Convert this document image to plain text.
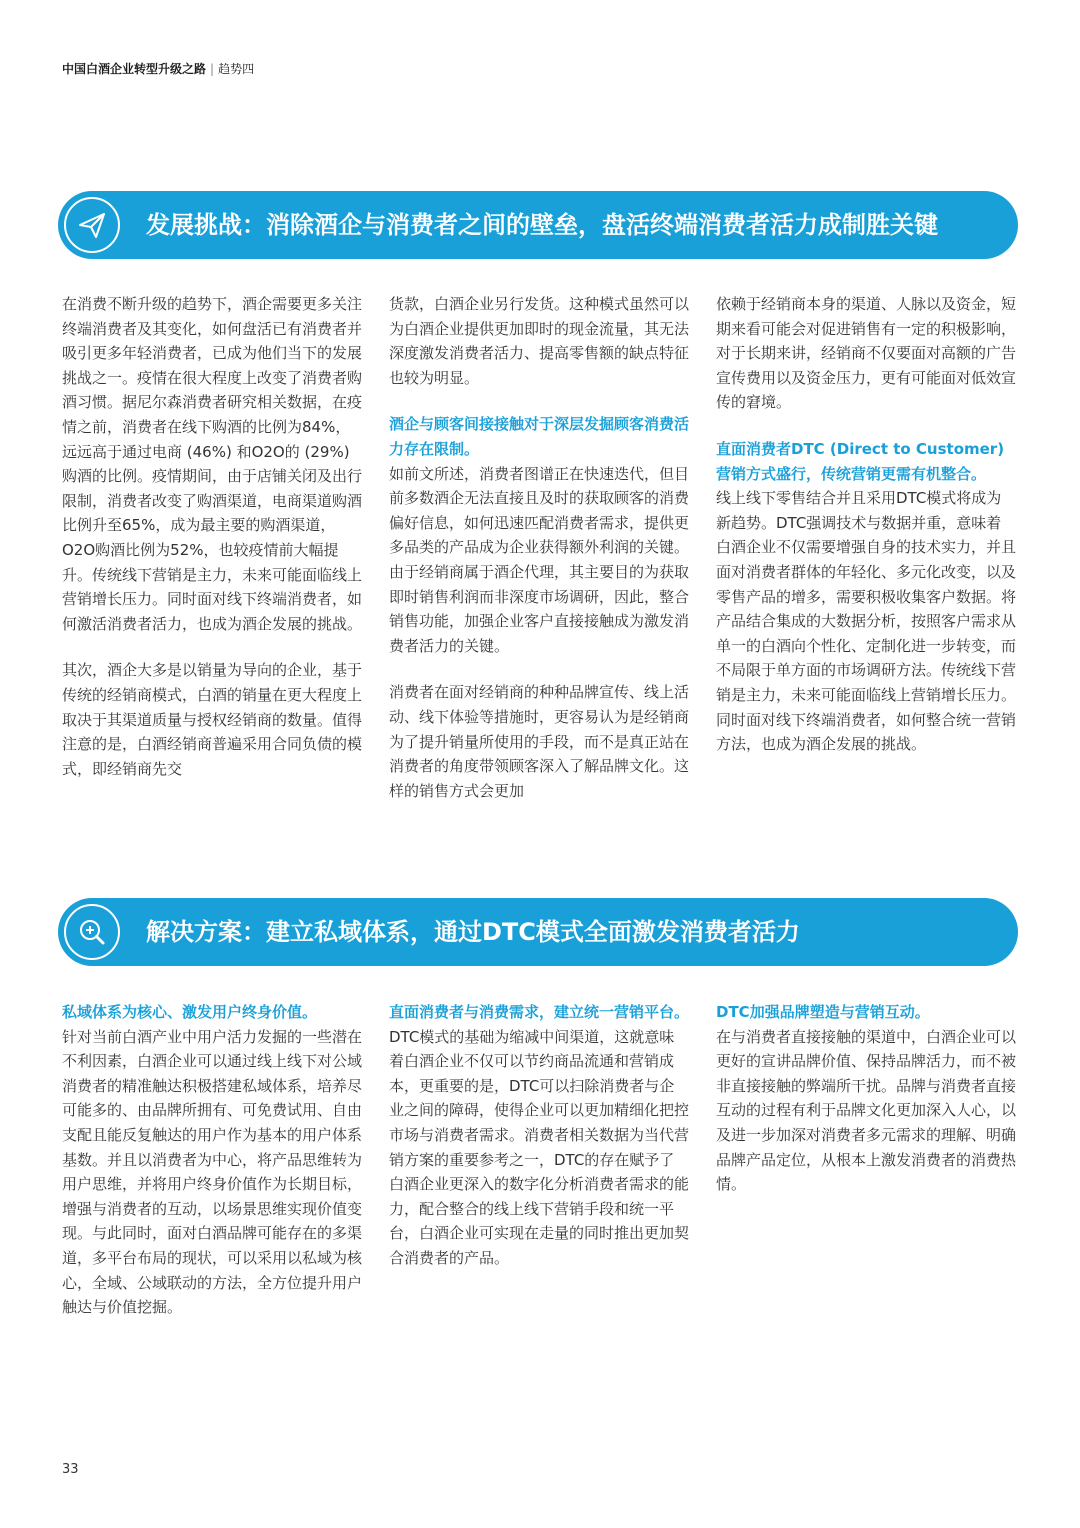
中国白酒企业转型升级之路 | 趋势四
发展挑战：消除酒企与消费者之间的壁垒，盘活终端消费者活力成制胜关键

在消费不断升级的趋势下，酒企需要更多关注终端消费者及其变化，如何盘活已有消费者并吸引更多年轻消费者，已成为他们当下的发展挑战之一。疫情在很大程度上改变了消费者购酒习惯。据尼尔森消费者研究相关数据，在疫情之前，消费者在线下购酒的比例为84%，远远高于通过电商 (46%) 和O2O的 (29%) 购酒的比例。疫情期间，由于店铺关闭及出行限制，消费者改变了购酒渠道，电商渠道购酒比例升至65%，成为最主要的购酒渠道，O2O购酒比例为52%，也较疫情前大幅提升。传统线下营销是主力，未来可能面临线上营销增长压力。同时面对线下终端消费者，如何激活消费者活力，也成为酒企发展的挑战。

其次，酒企大多是以销量为导向的企业，基于传统的经销商模式，白酒的销量在更大程度上取决于其渠道质量与授权经销商的数量。值得注意的是，白酒经销商普遍采用合同负债的模式，即经销商先交

货款，白酒企业另行发货。这种模式虽然可以为白酒企业提供更加即时的现金流量，其无法深度激发消费者活力、提高零售额的缺点特征也较为明显。

酒企与顾客间接接触对于深层发掘顾客消费活力存在限制。

如前文所述，消费者图谱正在快速迭代，但目前多数酒企无法直接且及时的获取顾客的消费偏好信息，如何迅速匹配消费者需求，提供更多品类的产品成为企业获得额外利润的关键。由于经销商属于酒企代理，其主要目的为获取即时销售利润而非深度市场调研，因此，整合销售功能，加强企业客户直接接触成为激发消费者活力的关键。

消费者在面对经销商的种种品牌宣传、线上活动、线下体验等措施时，更容易认为是经销商为了提升销量所使用的手段，而不是真正站在消费者的角度带领顾客深入了解品牌文化。这样的销售方式会更加

依赖于经销商本身的渠道、人脉以及资金，短期来看可能会对促进销售有一定的积极影响，对于长期来讲，经销商不仅要面对高额的广告宣传费用以及资金压力，更有可能面对低效宣传的窘境。

直面消费者DTC (Direct to Customer) 营销方式盛行，传统营销更需有机整合。

线上线下零售结合并且采用DTC模式将成为新趋势。DTC强调技术与数据并重，意味着白酒企业不仅需要增强自身的技术实力，并且面对消费者群体的年轻化、多元化改变，以及零售产品的增多，需要积极收集客户数据。将产品结合集成的大数据分析，按照客户需求从单一的白酒向个性化、定制化进一步转变，而不局限于单方面的市场调研方法。传统线下营销是主力，未来可能面临线上营销增长压力。同时面对线下终端消费者，如何整合统一营销方法，也成为酒企发展的挑战。

解决方案：建立私域体系，通过DTC模式全面激发消费者活力
私域体系为核心、激发用户终身价值。

针对当前白酒产业中用户活力发掘的一些潜在不利因素，白酒企业可以通过线上线下对公域消费者的精准触达积极搭建私域体系，培养尽可能多的、由品牌所拥有、可免费试用、自由支配且能反复触达的用户作为基本的用户体系基数。并且以消费者为中心，将产品思维转为用户思维，并将用户终身价值作为长期目标，增强与消费者的互动，以场景思维实现价值变现。与此同时，面对白酒品牌可能存在的多渠道，多平台布局的现状，可以采用以私域为核心，全域、公域联动的方法，全方位提升用户触达与价值挖掘。

直面消费者与消费需求，建立统一营销平台。

DTC模式的基础为缩减中间渠道，这就意味着白酒企业不仅可以节约商品流通和营销成本，更重要的是，DTC可以扫除消费者与企业之间的障碍，使得企业可以更加精细化把控市场与消费者需求。消费者相关数据为当代营销方案的重要参考之一，DTC的存在赋予了白酒企业更深入的数字化分析消费者需求的能力，配合整合的线上线下营销手段和统一平台，白酒企业可实现在走量的同时推出更加契合消费者的产品。

DTC加强品牌塑造与营销互动。

在与消费者直接接触的渠道中，白酒企业可以更好的宣讲品牌价值、保持品牌活力，而不被非直接接触的弊端所干扰。品牌与消费者直接互动的过程有利于品牌文化更加深入人心，以及进一步加深对消费者多元需求的理解、明确品牌产品定位，从根本上激发消费者的消费热情。

33
